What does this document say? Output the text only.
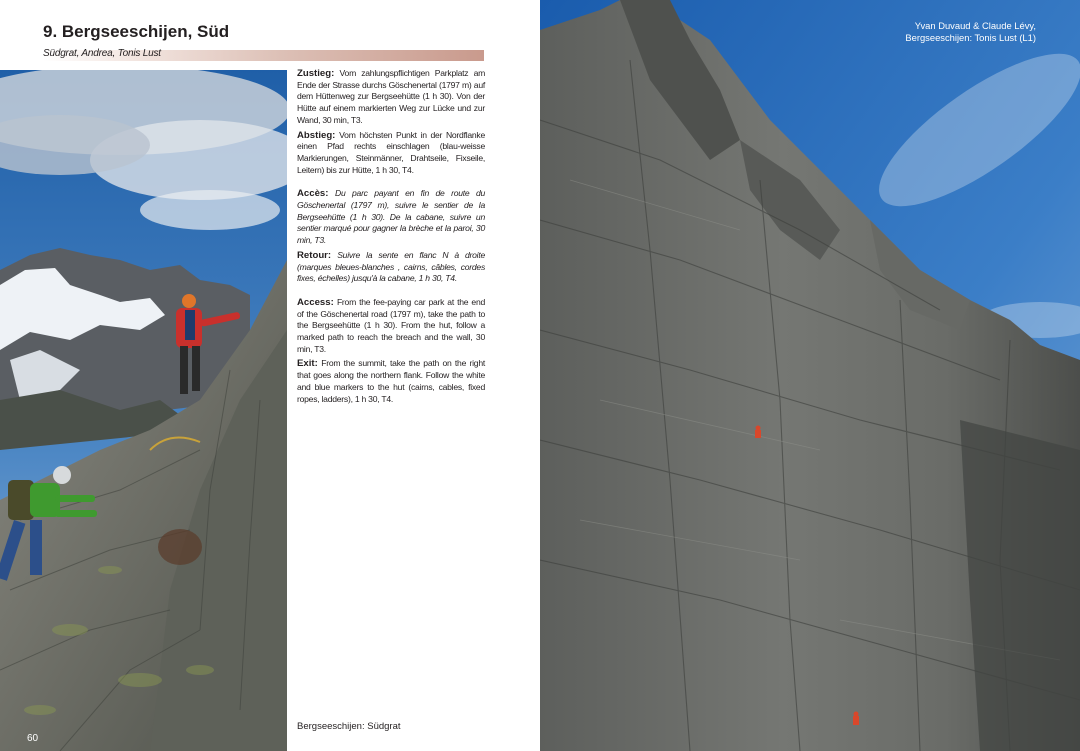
9. Bergseeschijen, Süd
Südgrat, Andrea, Tonis Lust

Zustieg: Vom zahlungspflichtigen Parkplatz am Ende der Strasse durchs Göschenertal (1797 m) auf dem Hüttenweg zur Bergseehütte (1 h 30). Von der Hütte auf einem markierten Weg zur Lücke und zur Wand, 30 min, T3.

Abstieg: Vom höchsten Punkt in der Nordflanke einen Pfad rechts einschlagen (blau-weisse Markierungen, Steinmänner, Drahtseile, Fixseile, Leitern) bis zur Hütte, 1 h 30, T4.

Accès: Du parc payant en fin de route du Göschenertal (1797 m), suivre le sentier de la Bergseehütte (1 h 30). De la cabane, suivre un sentier marqué pour gagner la brèche et la paroi, 30 min, T3.

Retour: Suivre la sente en flanc N à droite (marques bleues-blanches , cairns, câbles, cordes fixes, échelles) jusqu'à la cabane, 1 h 30, T4.

Access: From the fee-paying car park at the end of the Göschenertal road (1797 m), take the path to the Bergseehütte (1 h 30). From the hut, follow a marked path to reach the breach and the wall, 30 min, T3.

Exit: From the summit, take the path on the right that goes along the northern flank. Follow the white and blue markers to the hut (cairns, cables, fixed ropes, ladders), 1 h 30, T4.

Bergseeschijen: Südgrat
60
Yvan Duvaud & Claude Lévy,
Bergseeschijen: Tonis Lust (L1)
